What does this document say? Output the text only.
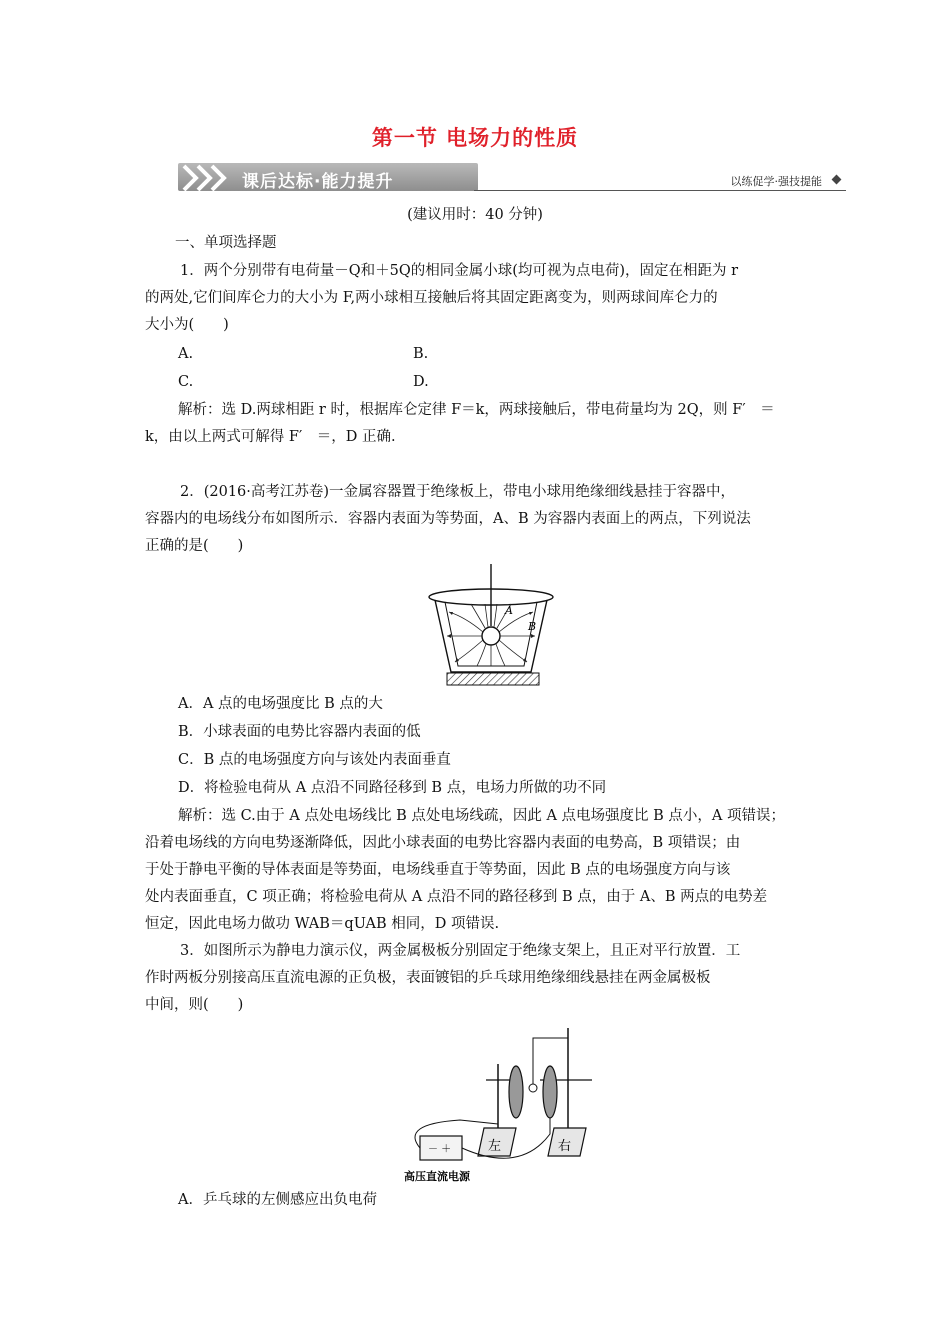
第一节 电场力的性质
课后达标·能力提升	以练促学·强技提能
(建议用时：40 分钟)
一、单项选择题
1．两个分别带有电荷量－Q和＋5Q的相同金属小球(均可视为点电荷)，固定在相距为 r
的两处,它们间库仑力的大小为 F,两小球相互接触后将其固定距离变为，则两球间库仑力的
大小为(　　)
A.	B.
C.	D.
解析：选 D.两球相距 r 时，根据库仑定律 F＝k，两球接触后，带电荷量均为 2Q，则 F′　＝
k，由以上两式可解得 F′　＝，D 正确.
2．(2016·高考江苏卷)一金属容器置于绝缘板上，带电小球用绝缘细线悬挂于容器中，
容器内的电场线分布如图所示．容器内表面为等势面，A、B 为容器内表面上的两点，下列说法
正确的是(　　)
A
B
A．A 点的电场强度比 B 点的大
B．小球表面的电势比容器内表面的低
C．B 点的电场强度方向与该处内表面垂直
D．将检验电荷从 A 点沿不同路径移到 B 点，电场力所做的功不同
解析：选 C.由于 A 点处电场线比 B 点处电场线疏，因此 A 点电场强度比 B 点小，A 项错误；
沿着电场线的方向电势逐渐降低，因此小球表面的电势比容器内表面的电势高，B 项错误；由
于处于静电平衡的导体表面是等势面，电场线垂直于等势面，因此 B 点的电场强度方向与该
处内表面垂直，C 项正确；将检验电荷从 A 点沿不同的路径移到 B 点，由于 A、B 两点的电势差
恒定，因此电场力做功 WAB＝qUAB 相同，D 项错误.
3．如图所示为静电力演示仪，两金属极板分别固定于绝缘支架上，且正对平行放置．工
作时两板分别接高压直流电源的正负极，表面镀铝的乒乓球用绝缘细线悬挂在两金属极板
中间，则(　　)
左	右
－ ＋
高压直流电源
A．乒乓球的左侧感应出负电荷
